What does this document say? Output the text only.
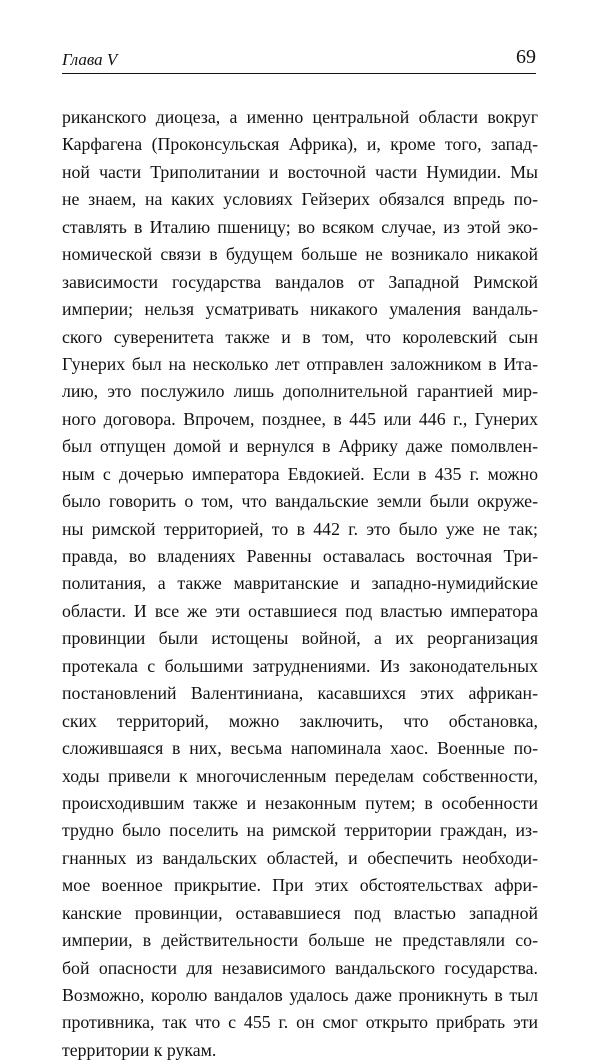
Глава V	69
риканского диоцеза, а именно центральной области вокруг
Карфагена (Проконсульская Африка), и, кроме того, запад-
ной части Триполитании и восточной части Нумидии. Мы
не знаем, на каких условиях Гейзерих обязался впредь по-
ставлять в Италию пшеницу; во всяком случае, из этой эко-
номической связи в будущем больше не возникало никакой
зависимости государства вандалов от Западной Римской
империи; нельзя усматривать никакого умаления вандаль-
ского суверенитета также и в том, что королевский сын
Гунерих был на несколько лет отправлен заложником в Ита-
лию, это послужило лишь дополнительной гарантией мир-
ного договора. Впрочем, позднее, в 445 или 446 г., Гунерих
был отпущен домой и вернулся в Африку даже помолвлен-
ным с дочерью императора Евдокией. Если в 435 г. можно
было говорить о том, что вандальские земли были окруже-
ны римской территорией, то в 442 г. это было уже не так;
правда, во владениях Равенны оставалась восточная Три-
политания, а также мавританские и западно-нумидийские
области. И все же эти оставшиеся под властью императора
провинции были истощены войной, а их реорганизация
протекала с большими затруднениями. Из законодательных
постановлений Валентиниана, касавшихся этих африкан-
ских территорий, можно заключить, что обстановка,
сложившаяся в них, весьма напоминала хаос. Военные по-
ходы привели к многочисленным переделам собственности,
происходившим также и незаконным путем; в особенности
трудно было поселить на римской территории граждан, из-
гнанных из вандальских областей, и обеспечить необходи-
мое военное прикрытие. При этих обстоятельствах афри-
канские провинции, остававшиеся под властью западной
империи, в действительности больше не представляли со-
бой опасности для независимого вандальского государства.
Возможно, королю вандалов удалось даже проникнуть в тыл
противника, так что с 455 г. он смог открыто прибрать эти
территории к рукам.
